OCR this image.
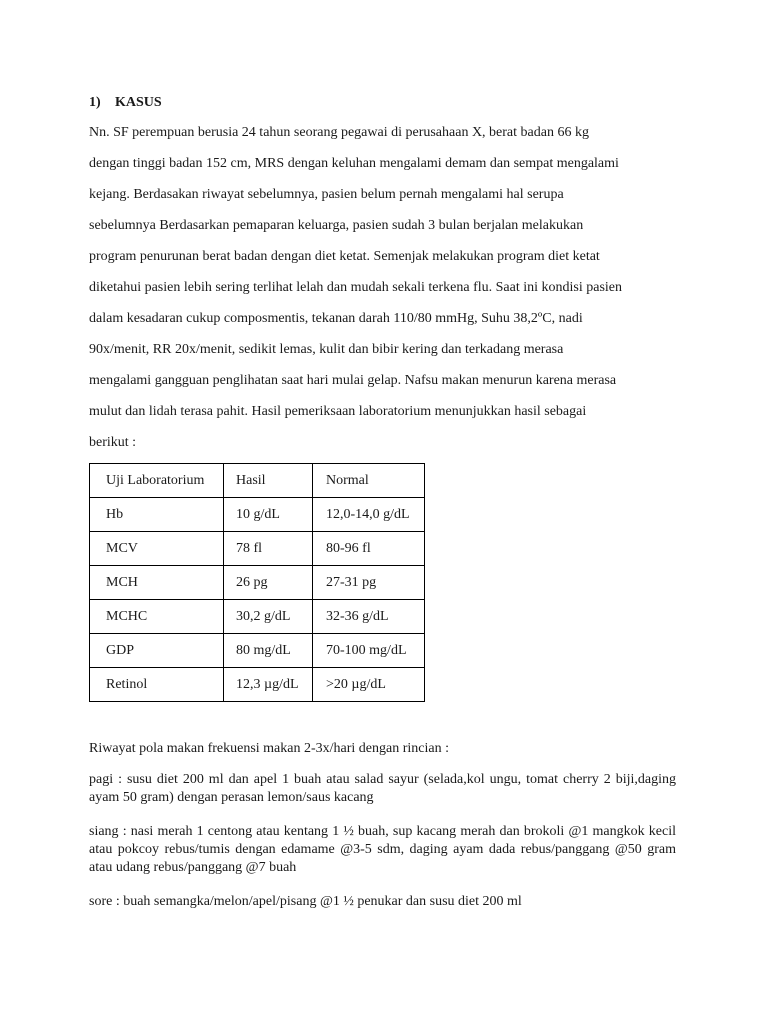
1) KASUS
Nn. SF perempuan berusia 24 tahun seorang pegawai di perusahaan X, berat badan 66 kg
dengan tinggi badan 152 cm, MRS dengan keluhan mengalami demam dan sempat mengalami
kejang. Berdasakan riwayat sebelumnya, pasien belum pernah mengalami hal serupa
sebelumnya Berdasarkan pemaparan keluarga, pasien sudah 3 bulan berjalan melakukan
program penurunan berat badan dengan diet ketat. Semenjak melakukan program diet ketat
diketahui pasien lebih sering terlihat lelah dan mudah sekali terkena flu. Saat ini kondisi pasien
dalam kesadaran cukup composmentis, tekanan darah 110/80 mmHg, Suhu 38,2ºC, nadi
90x/menit, RR 20x/menit, sedikit lemas, kulit dan bibir kering dan terkadang merasa
mengalami gangguan penglihatan saat hari mulai gelap. Nafsu makan menurun karena merasa
mulut dan lidah terasa pahit. Hasil pemeriksaan laboratorium menunjukkan hasil sebagai
berikut :
Uji Laboratorium	Hasil	Normal
Hb	10 g/dL	12,0-14,0 g/dL
MCV	78 fl	80-96 fl
MCH	26 pg	27-31 pg
MCHC	30,2 g/dL	32-36 g/dL
GDP	80 mg/dL	70-100 mg/dL
Retinol	12,3 µg/dL	>20 µg/dL
Riwayat pola makan frekuensi makan 2-3x/hari dengan rincian :
pagi : susu diet 200 ml dan apel 1 buah atau salad sayur (selada,kol ungu, tomat cherry 2 biji,daging ayam 50 gram) dengan perasan lemon/saus kacang
siang : nasi merah 1 centong atau kentang 1 ½ buah, sup kacang merah dan brokoli @1 mangkok kecil atau pokcoy rebus/tumis dengan edamame @3-5 sdm, daging ayam dada rebus/panggang @50 gram atau udang rebus/panggang @7 buah
sore : buah semangka/melon/apel/pisang @1 ½ penukar dan susu diet 200 ml
